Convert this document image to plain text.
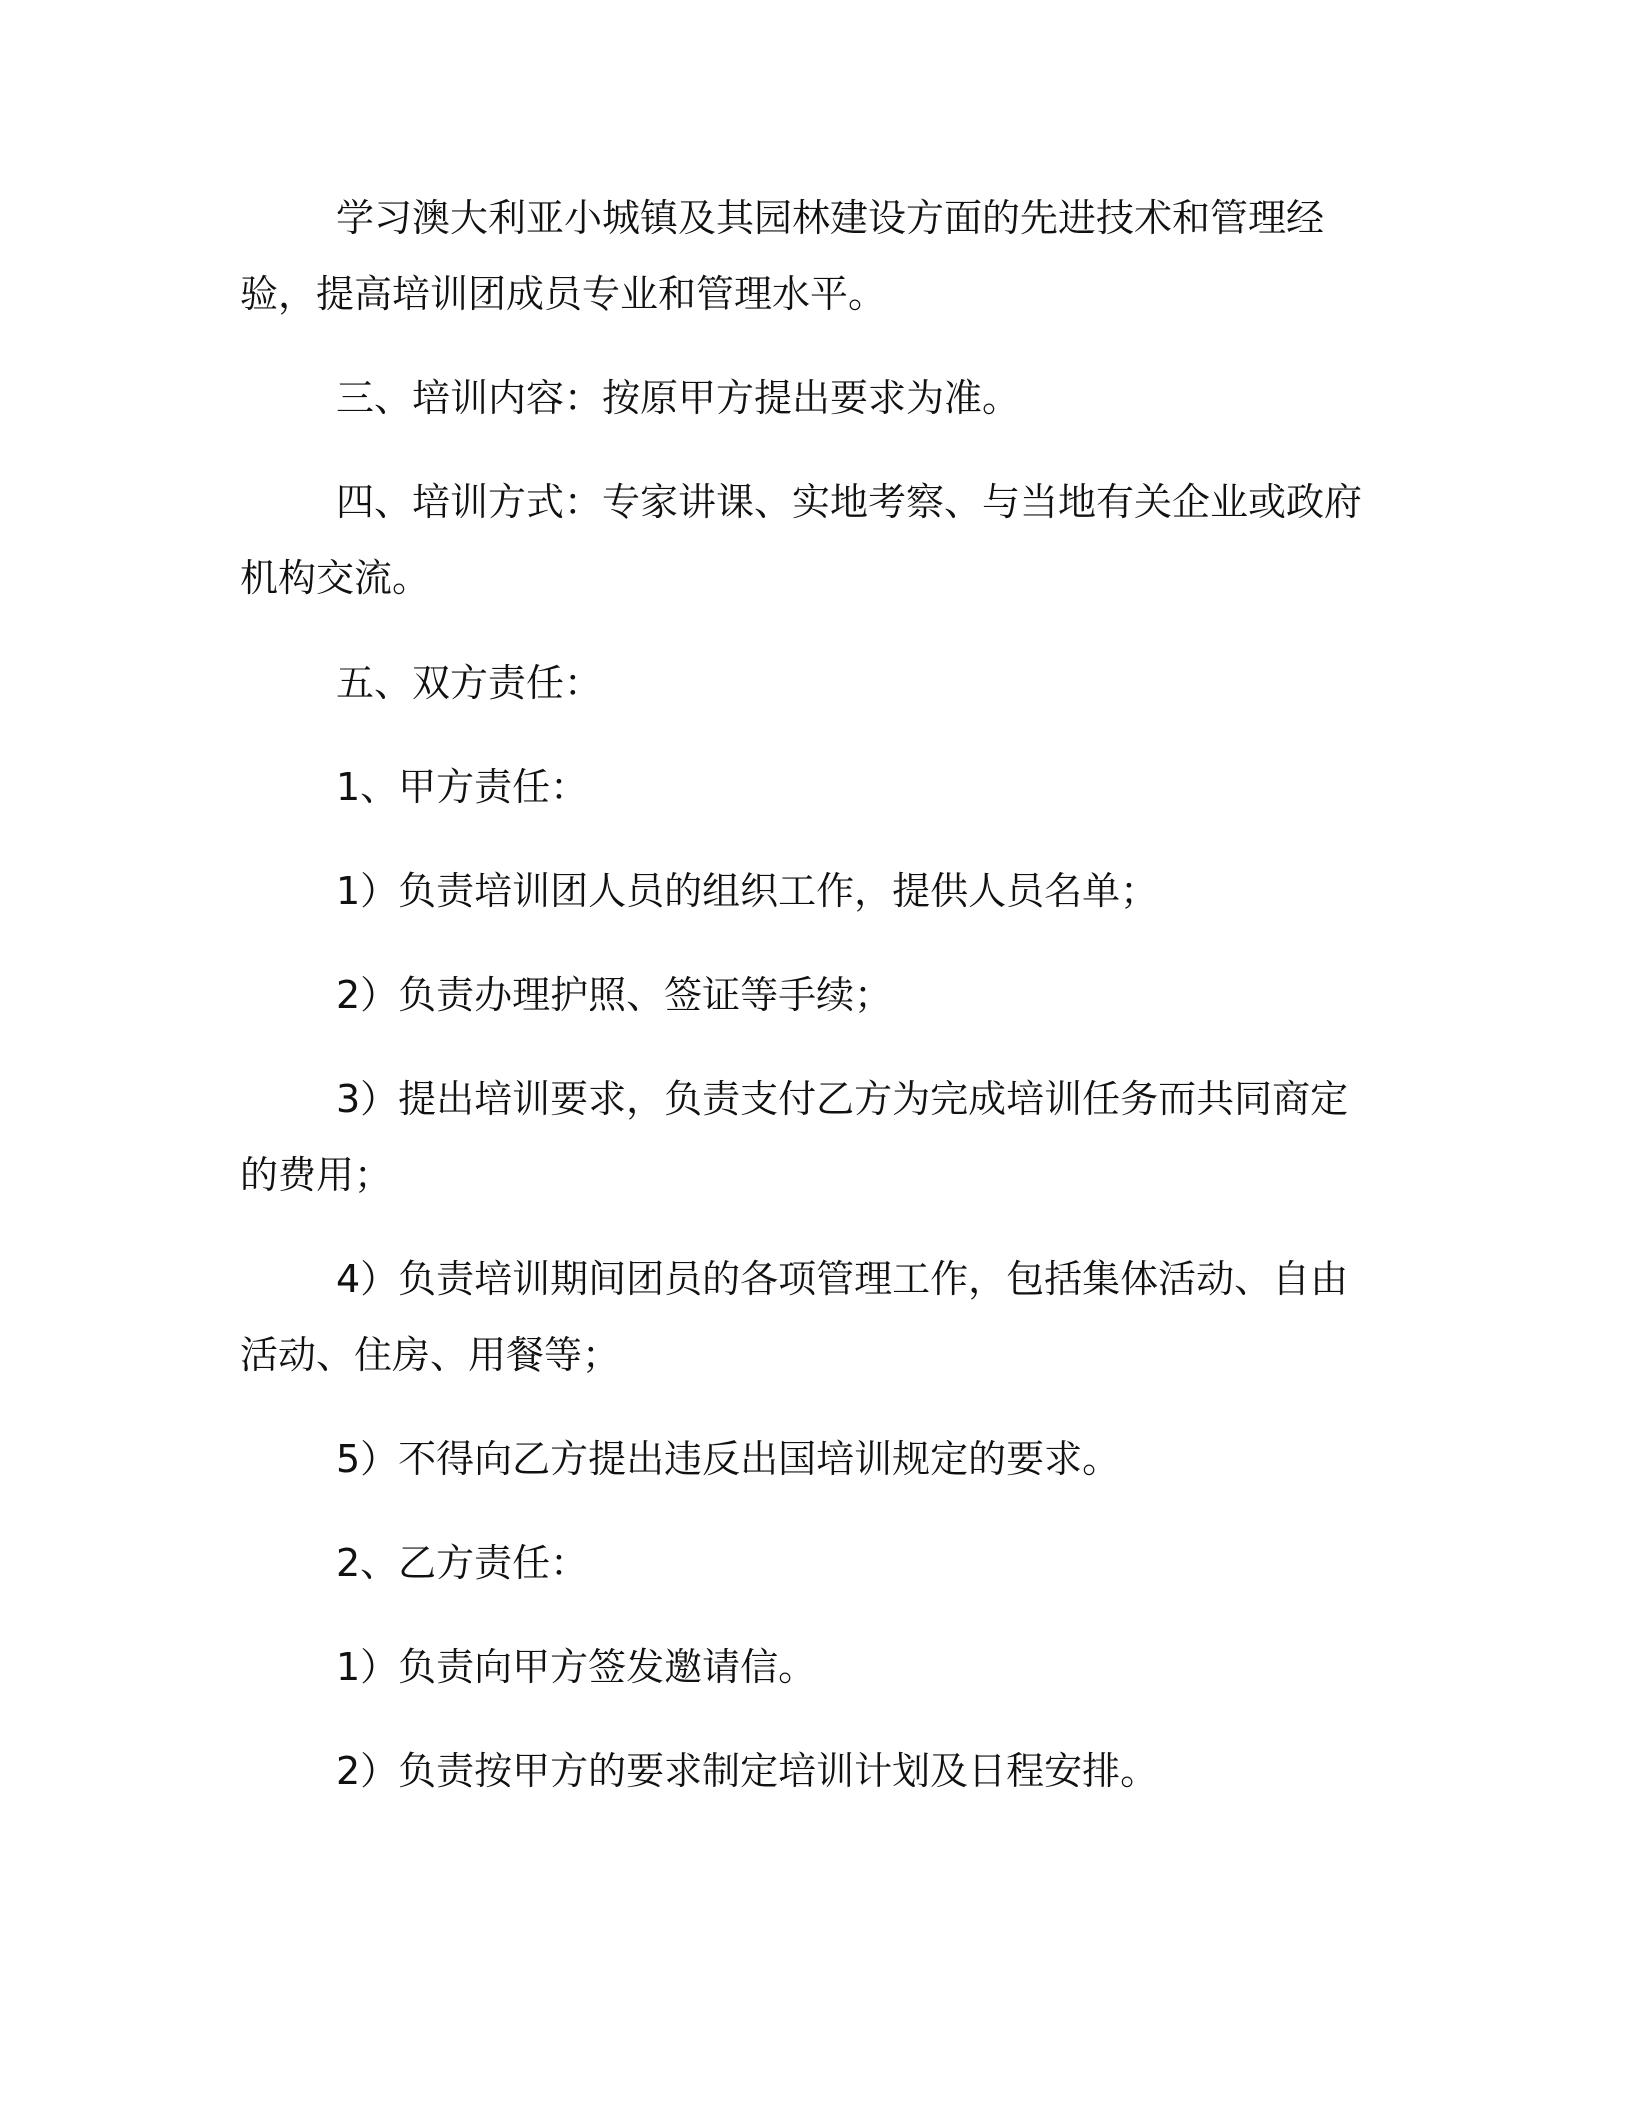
学习澳大利亚小城镇及其园林建设方面的先进技术和管理经验，提高培训团成员专业和管理水平。

三、培训内容：按原甲方提出要求为准。

四、培训方式：专家讲课、实地考察、与当地有关企业或政府机构交流。

五、双方责任：

1、甲方责任：

1）负责培训团人员的组织工作，提供人员名单；

2）负责办理护照、签证等手续；

3）提出培训要求，负责支付乙方为完成培训任务而共同商定的费用；

4）负责培训期间团员的各项管理工作，包括集体活动、自由活动、住房、用餐等；

5）不得向乙方提出违反出国培训规定的要求。

2、乙方责任：

1）负责向甲方签发邀请信。

2）负责按甲方的要求制定培训计划及日程安排。
